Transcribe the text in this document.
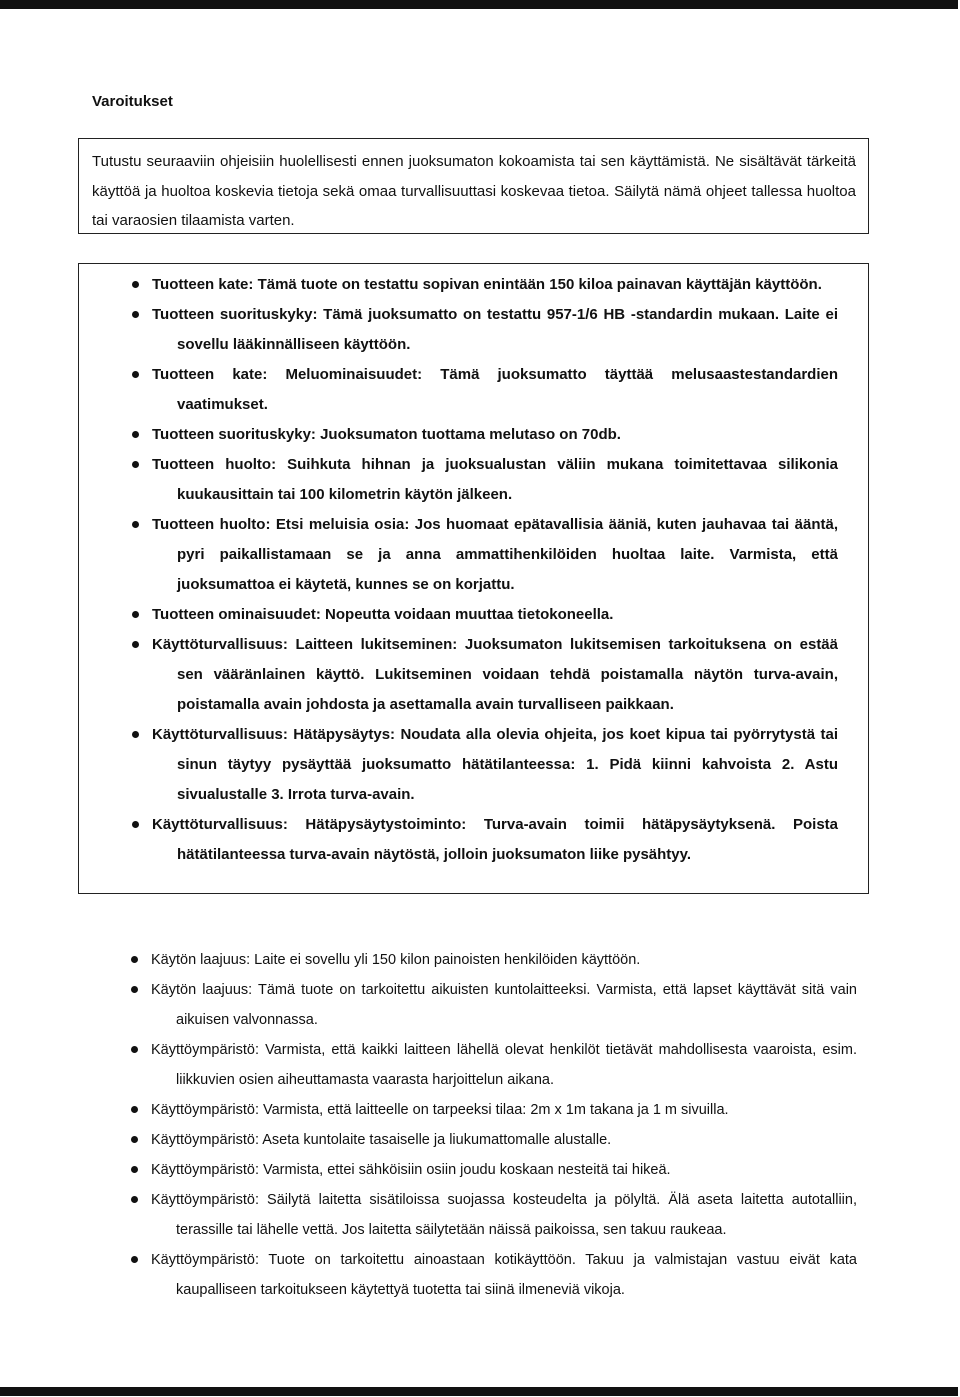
Varoitukset

Tutustu seuraaviin ohjeisiin huolellisesti ennen juoksumaton kokoamista tai sen käyttämistä. Ne sisältävät tärkeitä käyttöä ja huoltoa koskevia tietoja sekä omaa turvallisuuttasi koskevaa tietoa. Säilytä nämä ohjeet tallessa huoltoa tai varaosien tilaamista varten.

Tuotteen kate: Tämä tuote on testattu sopivan enintään 150 kiloa painavan käyttäjän käyttöön.
Tuotteen suorituskyky: Tämä juoksumatto on testattu 957-1/6 HB -standardin mukaan. Laite ei sovellu lääkinnälliseen käyttöön.
Tuotteen kate: Meluominaisuudet: Tämä juoksumatto täyttää melusaastestandardien vaatimukset.
Tuotteen suorituskyky: Juoksumaton tuottama melutaso on 70db.
Tuotteen huolto: Suihkuta hihnan ja juoksualustan väliin mukana toimitettavaa silikonia kuukausittain tai 100 kilometrin käytön jälkeen.
Tuotteen huolto: Etsi meluisia osia: Jos huomaat epätavallisia ääniä, kuten jauhavaa tai ääntä, pyri paikallistamaan se ja anna ammattihenkilöiden huoltaa laite. Varmista, että juoksumattoa ei käytetä, kunnes se on korjattu.
Tuotteen ominaisuudet: Nopeutta voidaan muuttaa tietokoneella.
Käyttöturvallisuus: Laitteen lukitseminen: Juoksumaton lukitsemisen tarkoituksena on estää sen vääränlainen käyttö. Lukitseminen voidaan tehdä poistamalla näytön turva-avain, poistamalla avain johdosta ja asettamalla avain turvalliseen paikkaan.
Käyttöturvallisuus: Hätäpysäytys: Noudata alla olevia ohjeita, jos koet kipua tai pyörrytystä tai sinun täytyy pysäyttää juoksumatto hätätilanteessa: 1. Pidä kiinni kahvoista 2. Astu sivualustalle 3. Irrota turva-avain.
Käyttöturvallisuus: Hätäpysäytystoiminto: Turva-avain toimii hätäpysäytyksenä. Poista hätätilanteessa turva-avain näytöstä, jolloin juoksumaton liike pysähtyy.
Käytön laajuus: Laite ei sovellu yli 150 kilon painoisten henkilöiden käyttöön.
Käytön laajuus: Tämä tuote on tarkoitettu aikuisten kuntolaitteeksi. Varmista, että lapset käyttävät sitä vain aikuisen valvonnassa.
Käyttöympäristö: Varmista, että kaikki laitteen lähellä olevat henkilöt tietävät mahdollisesta vaaroista, esim. liikkuvien osien aiheuttamasta vaarasta harjoittelun aikana.
Käyttöympäristö: Varmista, että laitteelle on tarpeeksi tilaa: 2m x 1m takana ja 1 m sivuilla.
Käyttöympäristö: Aseta kuntolaite tasaiselle ja liukumattomalle alustalle.
Käyttöympäristö: Varmista, ettei sähköisiin osiin joudu koskaan nesteitä tai hikeä.
Käyttöympäristö: Säilytä laitetta sisätiloissa suojassa kosteudelta ja pölyltä. Älä aseta laitetta autotalliin, terassille tai lähelle vettä. Jos laitetta säilytetään näissä paikoissa, sen takuu raukeaa.
Käyttöympäristö: Tuote on tarkoitettu ainoastaan kotikäyttöön. Takuu ja valmistajan vastuu eivät kata kaupalliseen tarkoitukseen käytettyä tuotetta tai siinä ilmeneviä vikoja.
